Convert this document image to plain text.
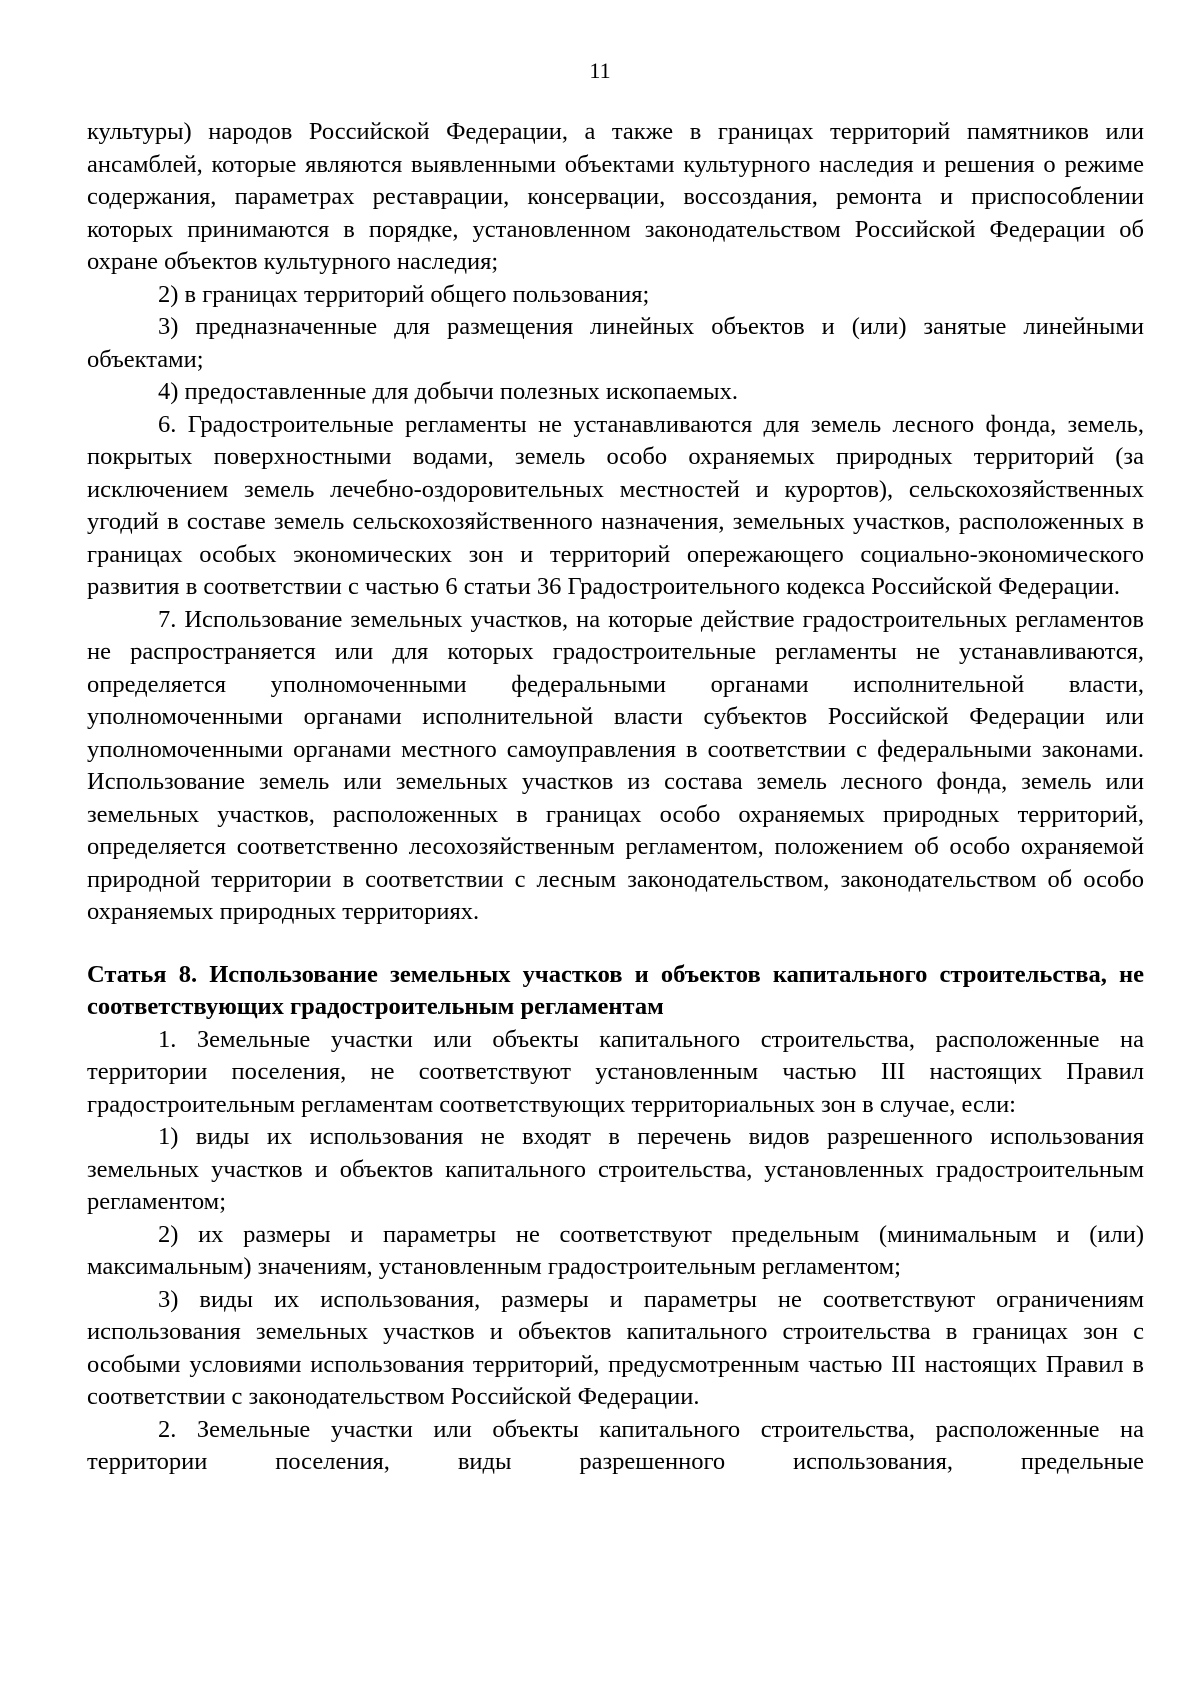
11

культуры) народов Российской Федерации, а также в границах территорий памятников или ансамблей, которые являются выявленными объектами культурного наследия и решения о режиме содержания, параметрах реставрации, консервации, воссоздания, ремонта и приспособлении которых принимаются в порядке, установленном законодательством Российской Федерации об охране объектов культурного наследия;

2) в границах территорий общего пользования;

3) предназначенные для размещения линейных объектов и (или) занятые линейными объектами;

4) предоставленные для добычи полезных ископаемых.

6. Градостроительные регламенты не устанавливаются для земель лесного фонда, земель, покрытых поверхностными водами, земель особо охраняемых природных территорий (за исключением земель лечебно-оздоровительных местностей и курортов), сельскохозяйственных угодий в составе земель сельскохозяйственного назначения, земельных участков, расположенных в границах особых экономических зон и территорий опережающего социально-экономического развития в соответствии с частью 6 статьи 36 Градостроительного кодекса Российской Федерации.

7. Использование земельных участков, на которые действие градостроительных регламентов не распространяется или для которых градостроительные регламенты не устанавливаются, определяется уполномоченными федеральными органами исполнительной власти, уполномоченными органами исполнительной власти субъектов Российской Федерации или уполномоченными органами местного самоуправления в соответствии с федеральными законами. Использование земель или земельных участков из состава земель лесного фонда, земель или земельных участков, расположенных в границах особо охраняемых природных территорий, определяется соответственно лесохозяйственным регламентом, положением об особо охраняемой природной территории в соответствии с лесным законодательством, законодательством об особо охраняемых природных территориях.

Статья 8. Использование земельных участков и объектов капитального строительства, не соответствующих градостроительным регламентам

1. Земельные участки или объекты капитального строительства, расположенные на территории поселения, не соответствуют установленным частью III настоящих Правил градостроительным регламентам соответствующих территориальных зон в случае, если:

1) виды их использования не входят в перечень видов разрешенного использования земельных участков и объектов капитального строительства, установленных градостроительным регламентом;

2) их размеры и параметры не соответствуют предельным (минимальным и (или) максимальным) значениям, установленным градостроительным регламентом;

3) виды их использования, размеры и параметры не соответствуют ограничениям использования земельных участков и объектов капитального строительства в границах зон с особыми условиями использования территорий, предусмотренным частью III настоящих Правил в соответствии с законодательством Российской Федерации.

2. Земельные участки или объекты капитального строительства, расположенные на территории поселения, виды разрешенного использования, предельные
